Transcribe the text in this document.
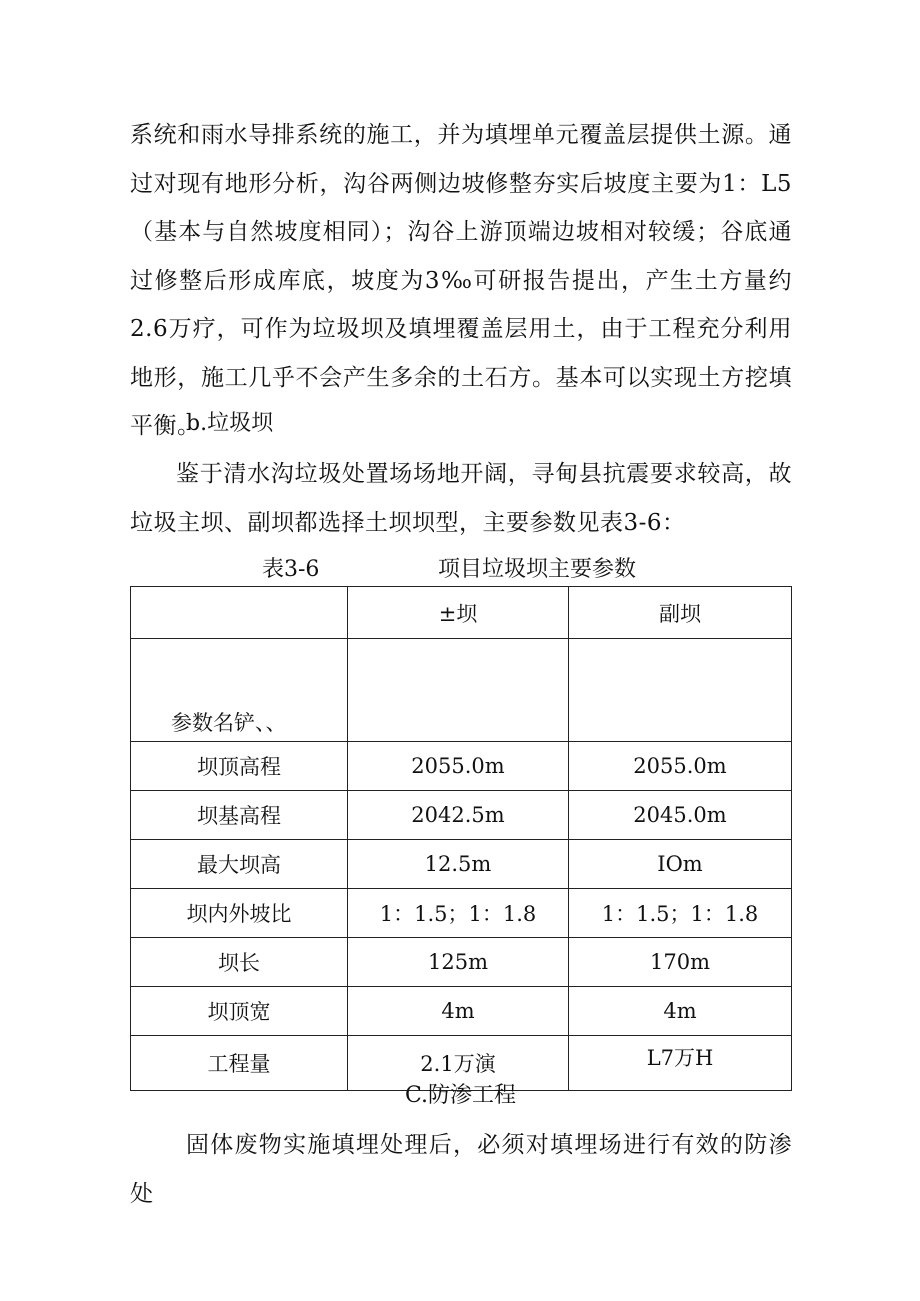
系统和雨水导排系统的施工，并为填埋单元覆盖层提供土源。通过对现有地形分析，沟谷两侧边坡修整夯实后坡度主要为1：L5（基本与自然坡度相同）；沟谷上游顶端边坡相对较缓；谷底通过修整后形成库底，坡度为3‰可研报告提出，产生土方量约2.6万疗，可作为垃圾坝及填埋覆盖层用土，由于工程充分利用地形，施工几乎不会产生多余的土石方。基本可以实现土方挖填平衡。
b.垃圾坝
鉴于清水沟垃圾处置场场地开阔，寻甸县抗震要求较高，故垃圾主坝、副坝都选择土坝坝型，主要参数见表3-6：
表3-6	项目垃圾坝主要参数
	±坝	副坝
参数名铲、、		
坝顶高程	2055.0m	2055.0m
坝基高程	2042.5m	2045.0m
最大坝高	12.5m	IOm
坝内外坡比	1：1.5；1：1.8	1：1.5；1：1.8
坝长	125m	170m
坝顶宽	4m	4m
工程量	2.1万演	L7万H
C.防渗工程
固体废物实施填埋处理后，必须对填埋场进行有效的防渗处
